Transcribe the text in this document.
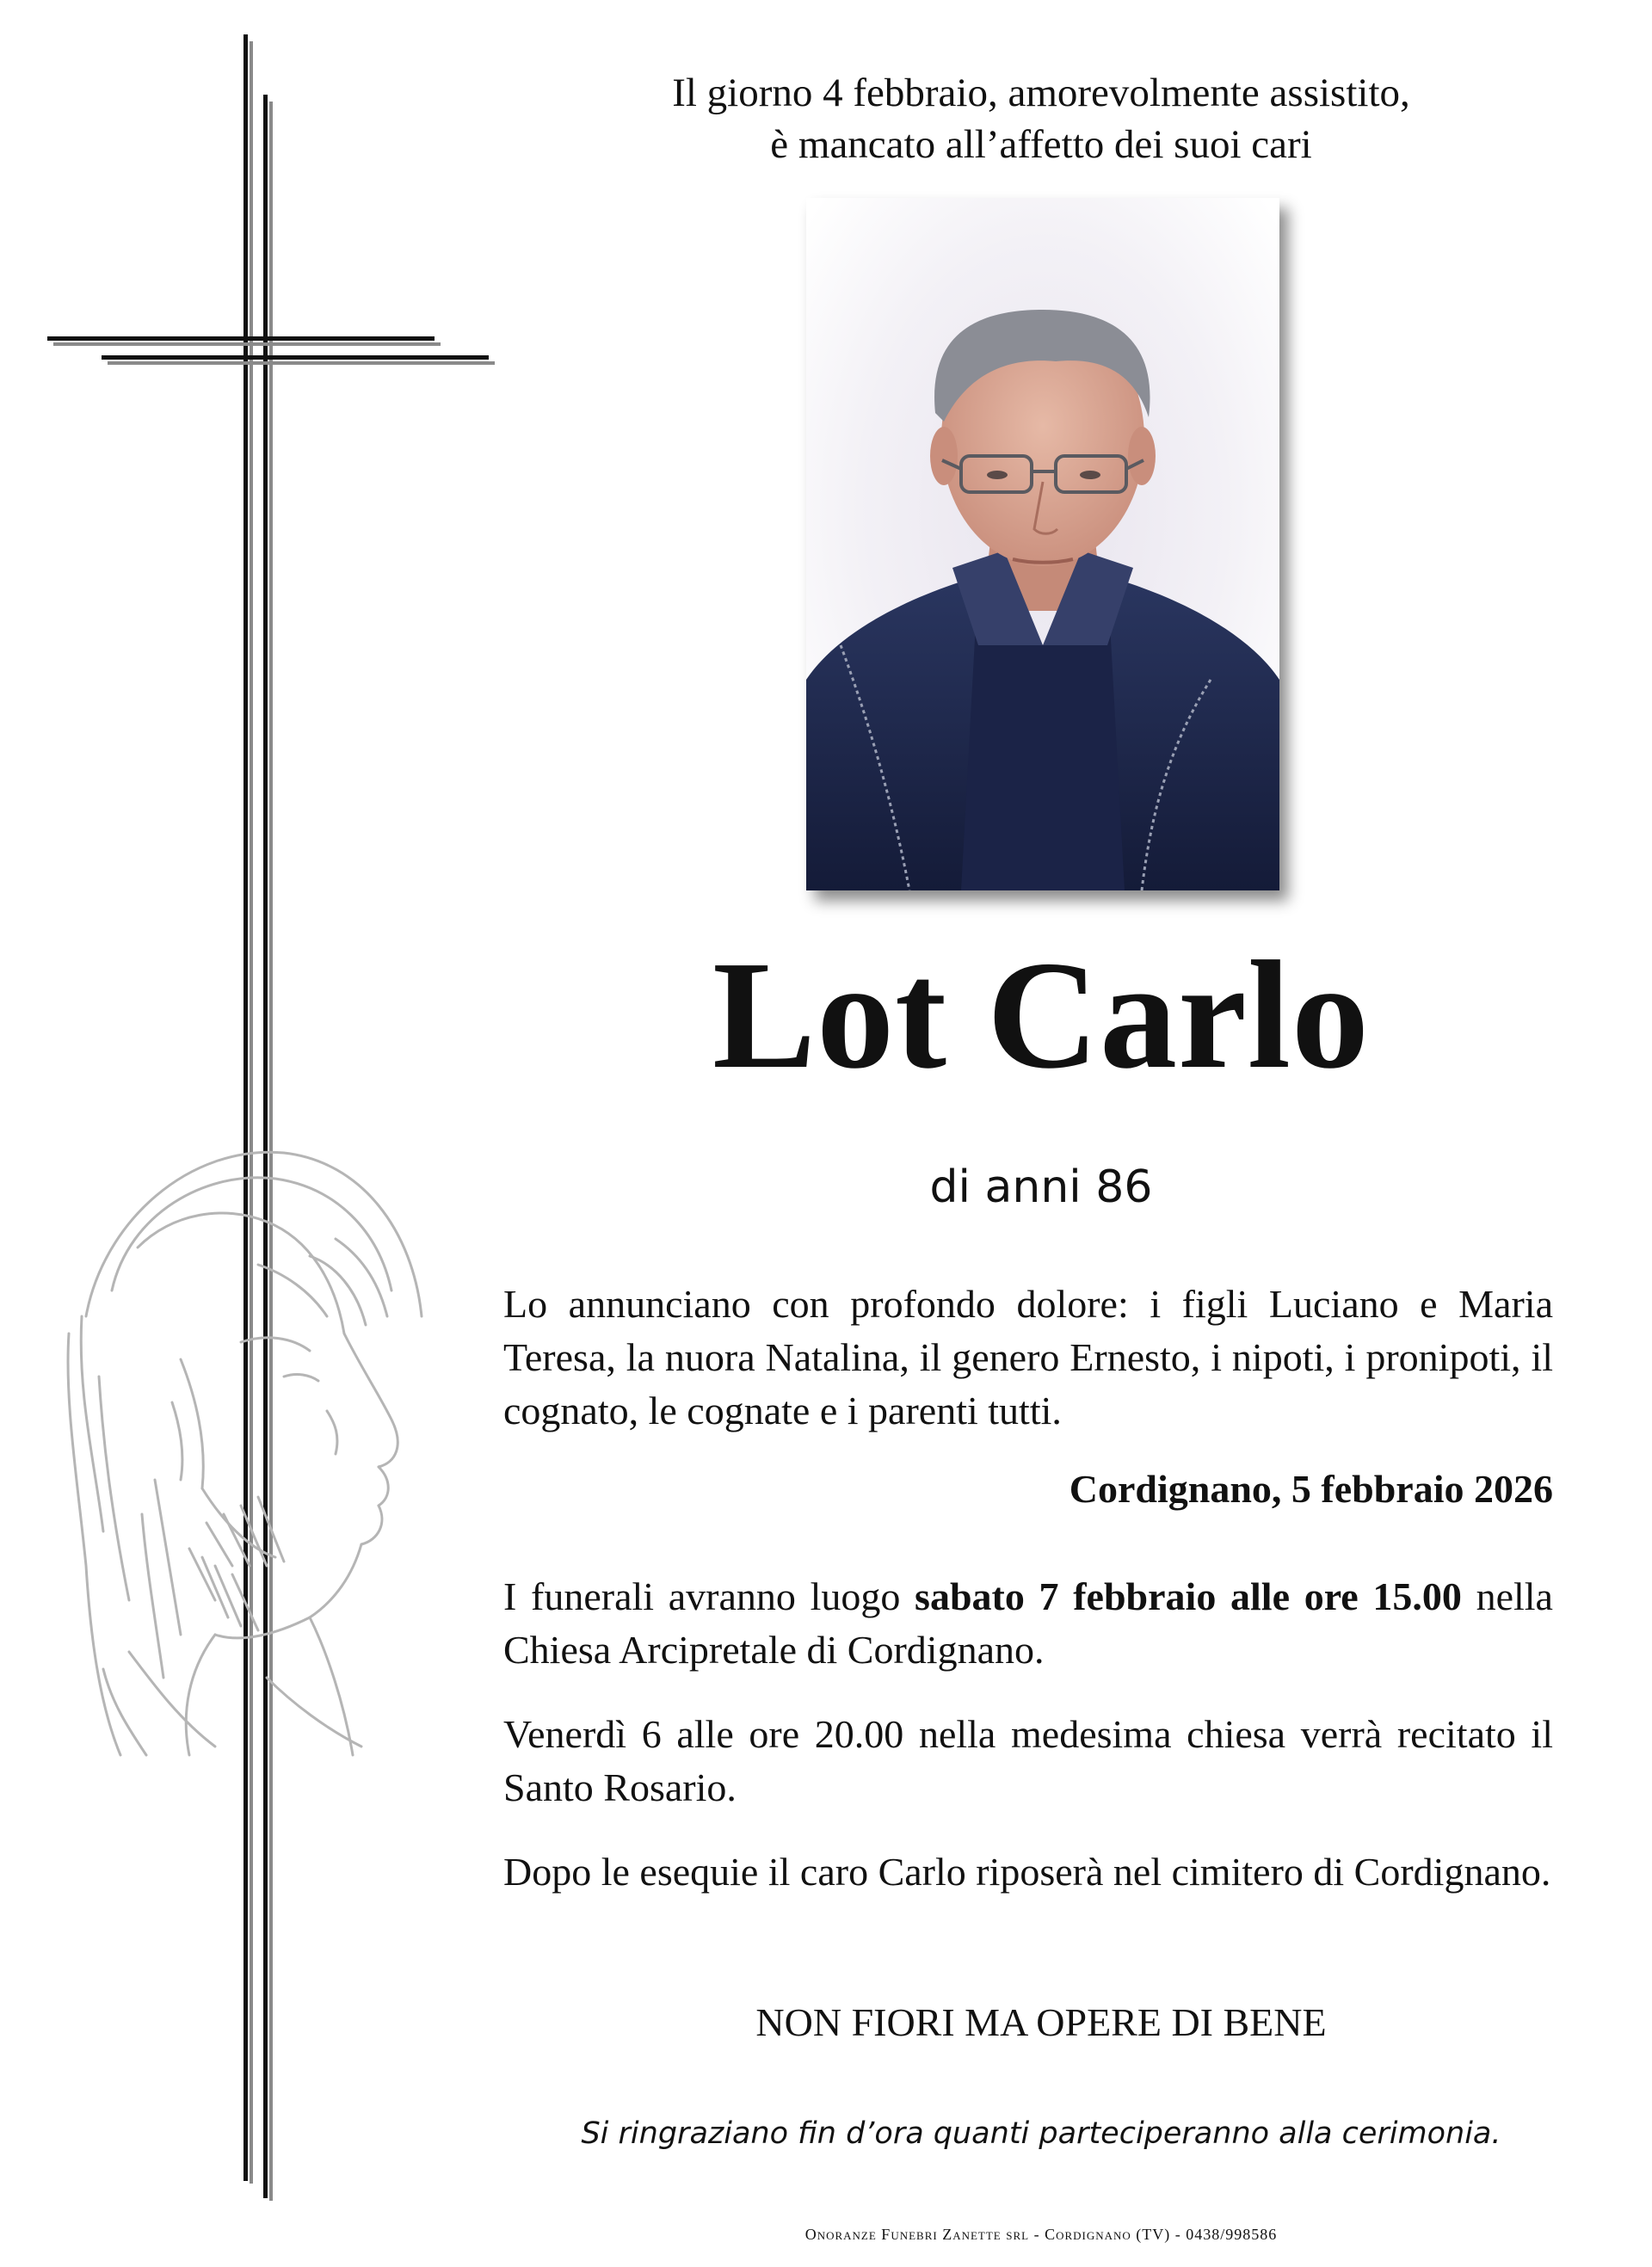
Il giorno 4 febbraio, amorevolmente assistito,
è mancato all’affetto dei suoi cari
Lot Carlo
di anni 86
Lo annunciano con profondo dolore: i figli Luciano e Maria Teresa, la nuora Natalina, il genero Ernesto, i nipoti, i pronipoti, il cognato, le cognate e i parenti tutti.
Cordignano, 5 febbraio 2026
I funerali avranno luogo sabato 7 febbraio alle ore 15.00 nella Chiesa Arcipretale di Cordignano.
Venerdì 6 alle ore 20.00 nella medesima chiesa verrà recitato il Santo Rosario.
Dopo le esequie il caro Carlo riposerà nel cimitero di Cordignano.
NON FIORI MA OPERE DI BENE
Si ringraziano fin d’ora quanti parteciperanno alla cerimonia.
Onoranze Funebri Zanette srl - Cordignano (TV) - 0438/998586
